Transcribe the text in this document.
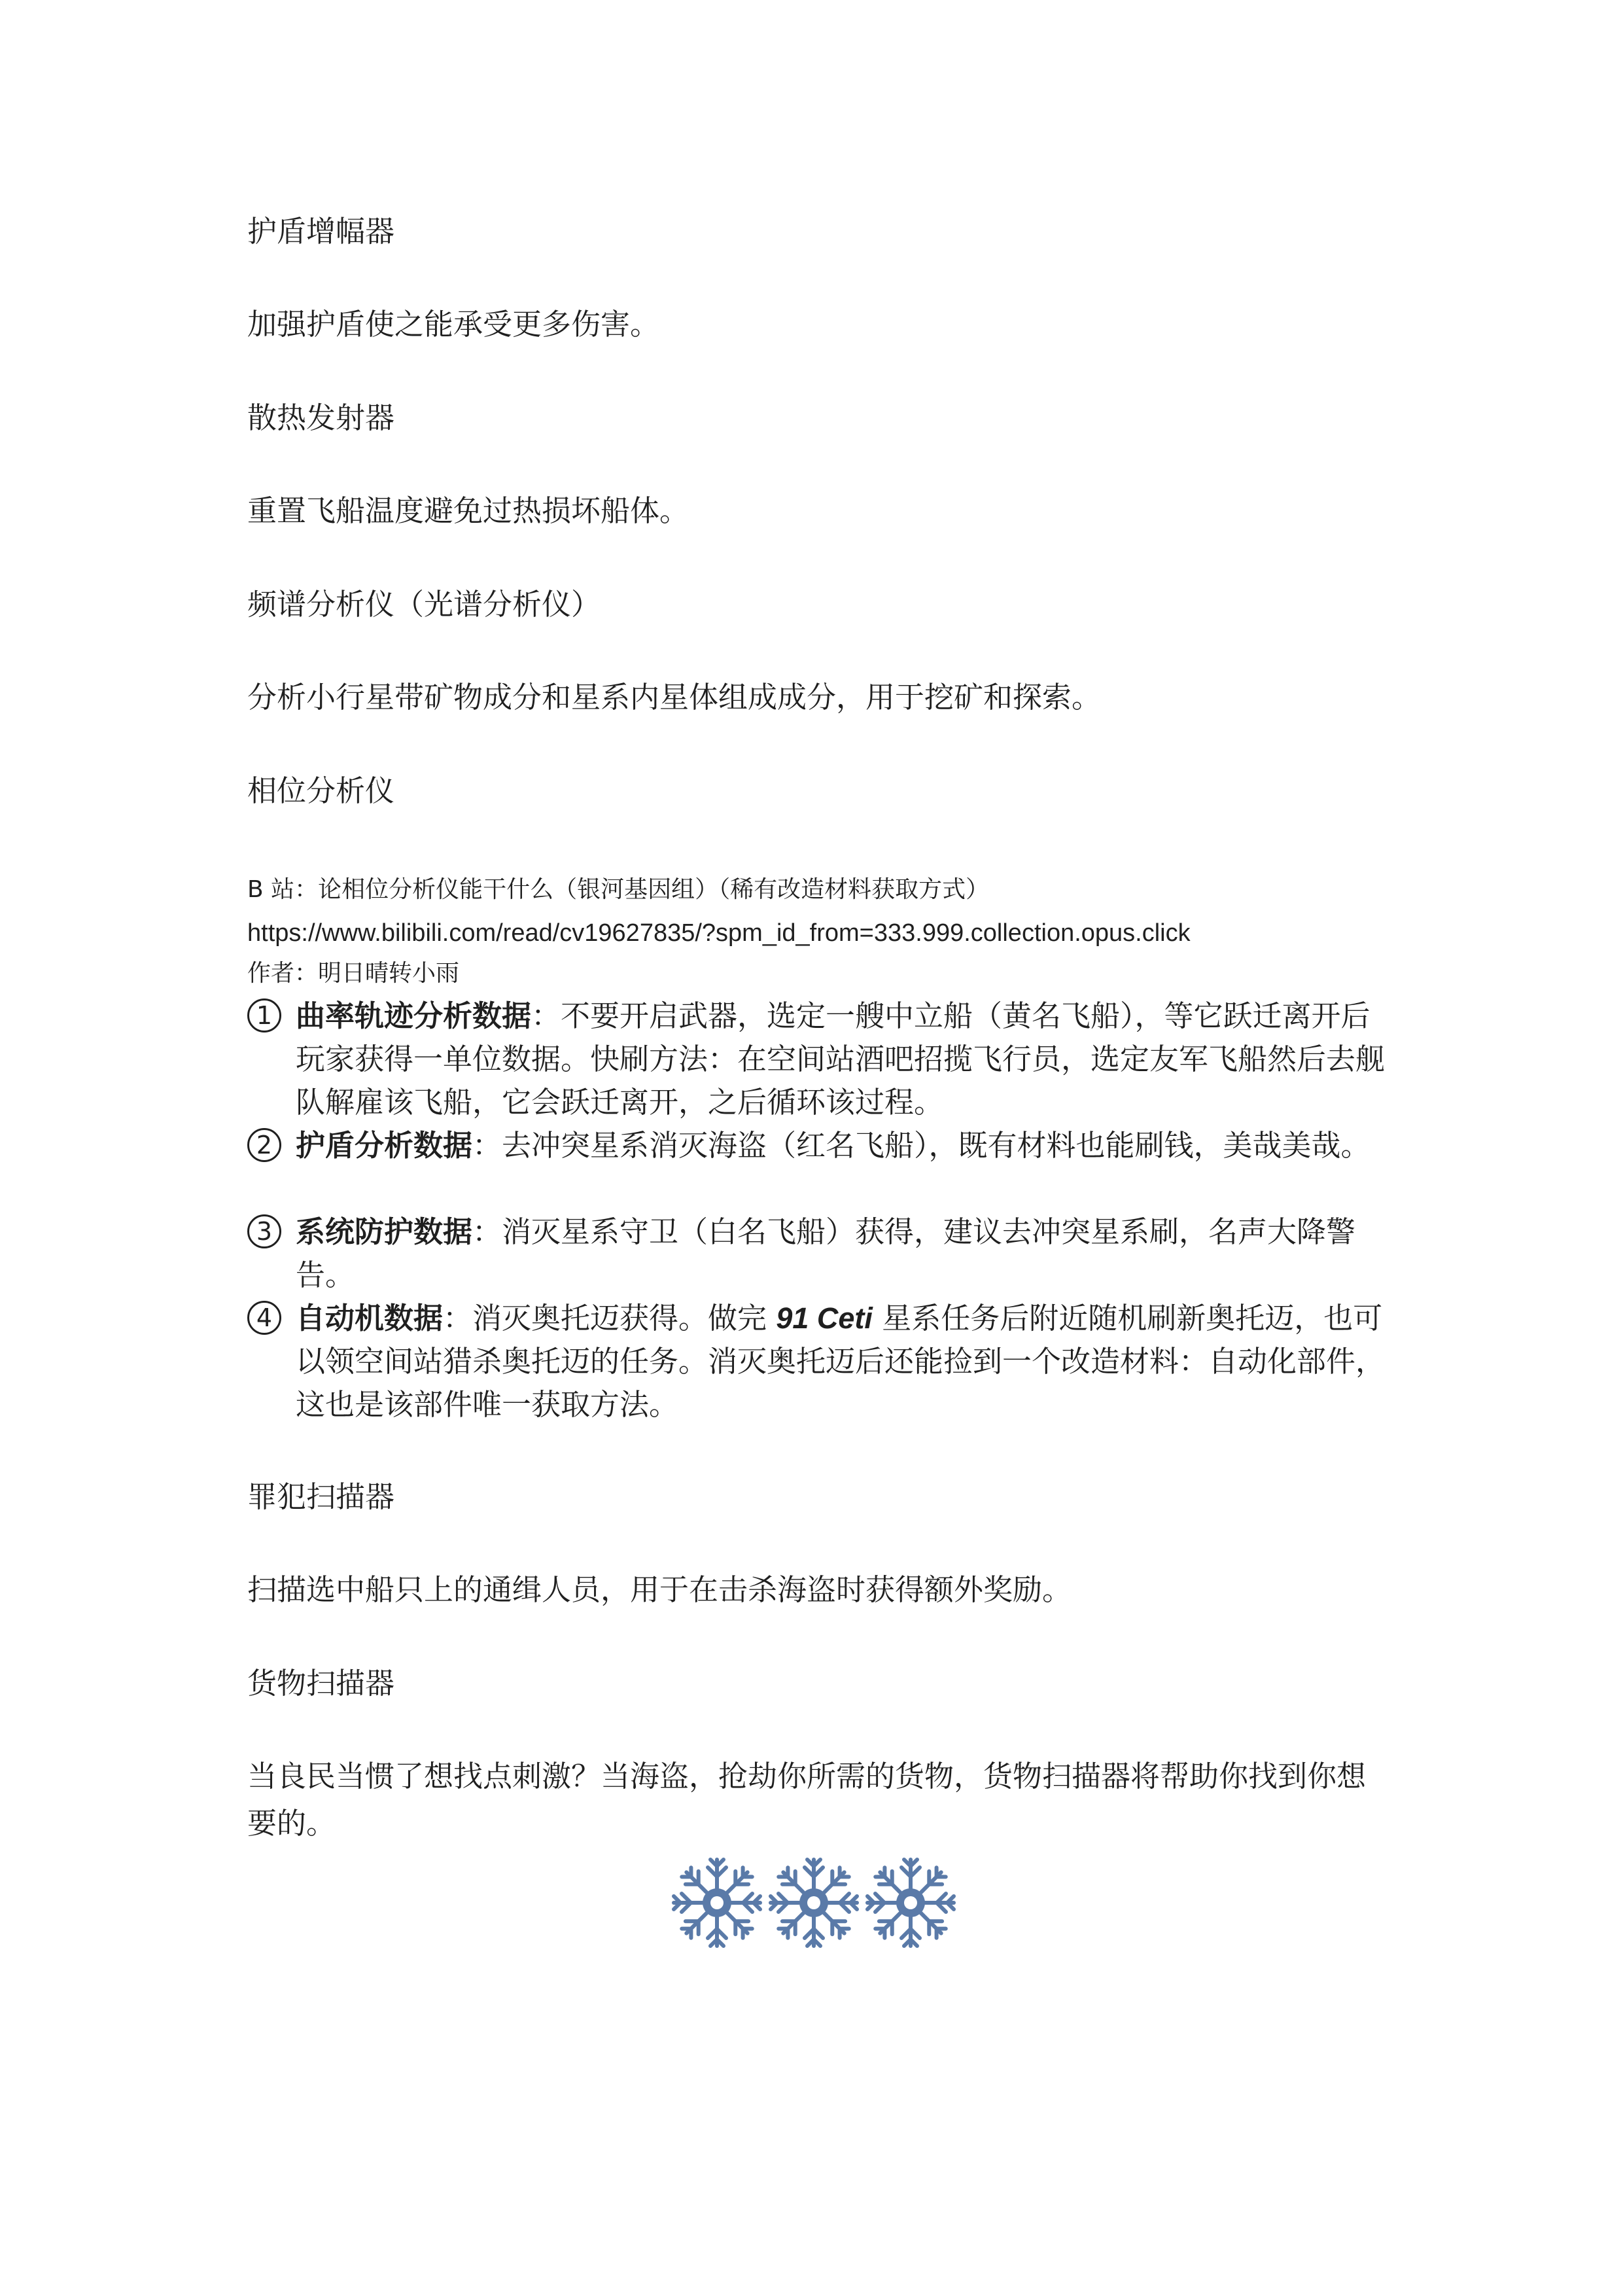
护盾增幅器

加强护盾使之能承受更多伤害。

散热发射器

重置飞船温度避免过热损坏船体。

频谱分析仪（光谱分析仪）

分析小行星带矿物成分和星系内星体组成成分，用于挖矿和探索。

相位分析仪

B 站：论相位分析仪能干什么（银河基因组）（稀有改造材料获取方式）

https://www.bilibili.com/read/cv19627835/?spm_id_from=333.999.collection.opus.click

作者：明日晴转小雨

1 曲率轨迹分析数据：不要开启武器，选定一艘中立船（黄名飞船），等它跃迁离开后玩家获得一单位数据。快刷方法：在空间站酒吧招揽飞行员，选定友军飞船然后去舰队解雇该飞船，它会跃迁离开，之后循环该过程。
2 护盾分析数据：去冲突星系消灭海盗（红名飞船），既有材料也能刷钱，美哉美哉。
3 系统防护数据：消灭星系守卫（白名飞船）获得，建议去冲突星系刷，名声大降警告。
4 自动机数据：消灭奥托迈获得。做完 91 Ceti 星系任务后附近随机刷新奥托迈，也可以领空间站猎杀奥托迈的任务。消灭奥托迈后还能捡到一个改造材料：自动化部件，这也是该部件唯一获取方法。

罪犯扫描器

扫描选中船只上的通缉人员，用于在击杀海盗时获得额外奖励。

货物扫描器

当良民当惯了想找点刺激？当海盗，抢劫你所需的货物，货物扫描器将帮助你找到你想要的。
